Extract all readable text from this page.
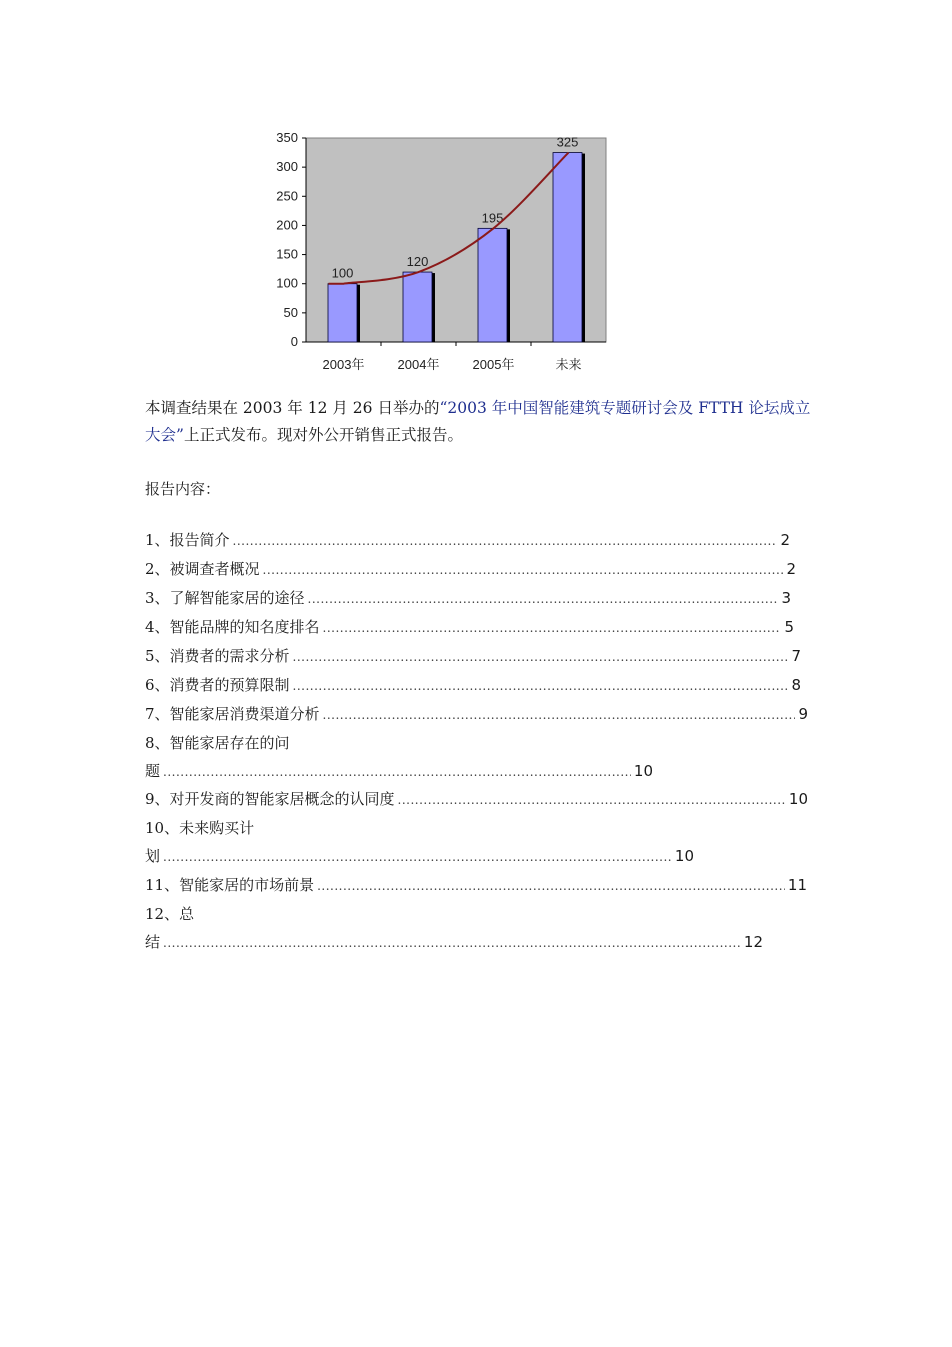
0
50
100
150
200
250
300
350
100
2003年
120
2004年
195
2005年
325
未来
本调查结果在 2003 年 12 月 26 日举办的“2003 年中国智能建筑专题研讨会及 FTTH 论坛成立大会”上正式发布。现对外公开销售正式报告。
报告内容：
1、报告简介 .....	2
2、被调查者概况 .....	2
3、了解智能家居的途径 .....	3
4、智能品牌的知名度排名 .....	5
5、消费者的需求分析 .....	7
6、消费者的预算限制 .....	8
7、智能家居消费渠道分析 .....	9
8、智能家居存在的问
题 .....	10
9、对开发商的智能家居概念的认同度 .....	10
10、未来购买计
划 .....	10
11、智能家居的市场前景 .....	11
12、总
结 .....	12
